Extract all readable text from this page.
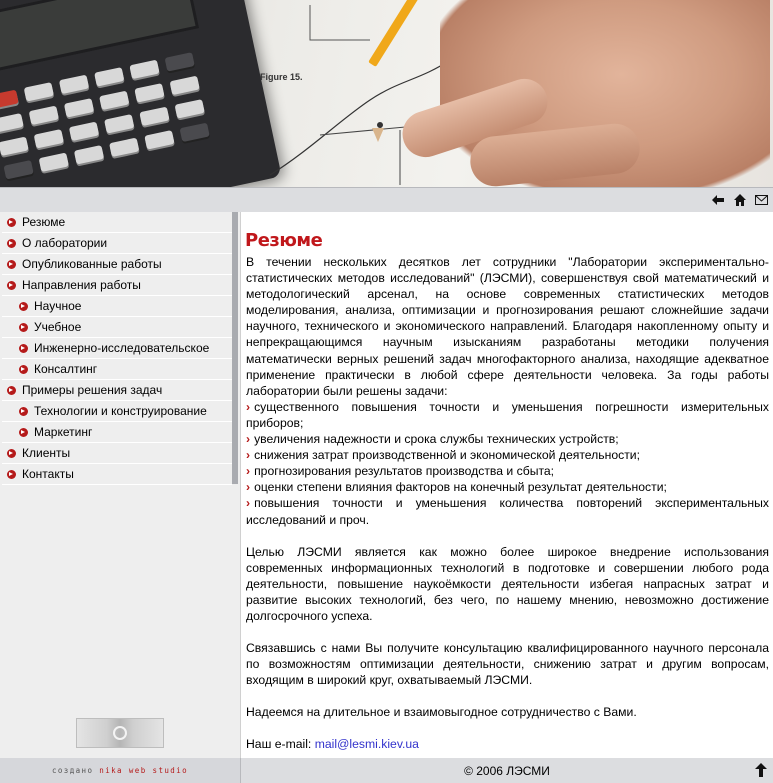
Figure 15.
Резюме
О лаборатории
Опубликованные работы
Направления работы
Научное
Учебное
Инженерно-исследовательское
Консалтинг
Примеры решения задач
Технологии и конструирование
Маркетинг
Клиенты
Контакты
Резюме

В течении нескольких десятков лет сотрудники "Лаборатории экспериментально-статистических методов исследований" (ЛЭСМИ), совершенствуя свой математический и методологический арсенал, на основе современных статистических методов моделирования, анализа, оптимизации и прогнозирования решают сложнейшие задачи научного, технического и экономического направлений. Благодаря накопленному опыту и непрекращающимся научным изысканиям разработаны методики получения математически верных решений задач многофакторного анализа, находящие адекватное применение практически в любой сфере деятельности человека. За годы работы лаборатории были решены задачи:

› существенного повышения точности и уменьшения погрешности измерительных приборов;
› увеличения надежности и срока службы технических устройств;
› снижения затрат производственной и экономической деятельности;
› прогнозирования результатов производства и сбыта;
› оценки степени влияния факторов на конечный результат деятельности;
› повышения точности и уменьшения количества повторений экспериментальных исследований и проч.

Целью ЛЭСМИ является как можно более широкое внедрение использования современных информационных технологий в подготовке и совершении любого рода деятельности, повышение наукоёмкости деятельности избегая напрасных затрат и развитие высоких технологий, без чего, по нашему мнению, невозможно достижение долгосрочного успеха.

Связавшись с нами Вы получите консультацию квалифицированного научного персонала по возможностям оптимизации деятельности, снижению затрат и другим вопросам, входящим в широкий круг, охватываемый ЛЭСМИ.

Надеемся на длительное и взаимовыгодное сотрудничество с Вами.

Наш e-mail: mail@lesmi.kiev.ua

создано
nika web studio	© 2006 ЛЭСМИ
